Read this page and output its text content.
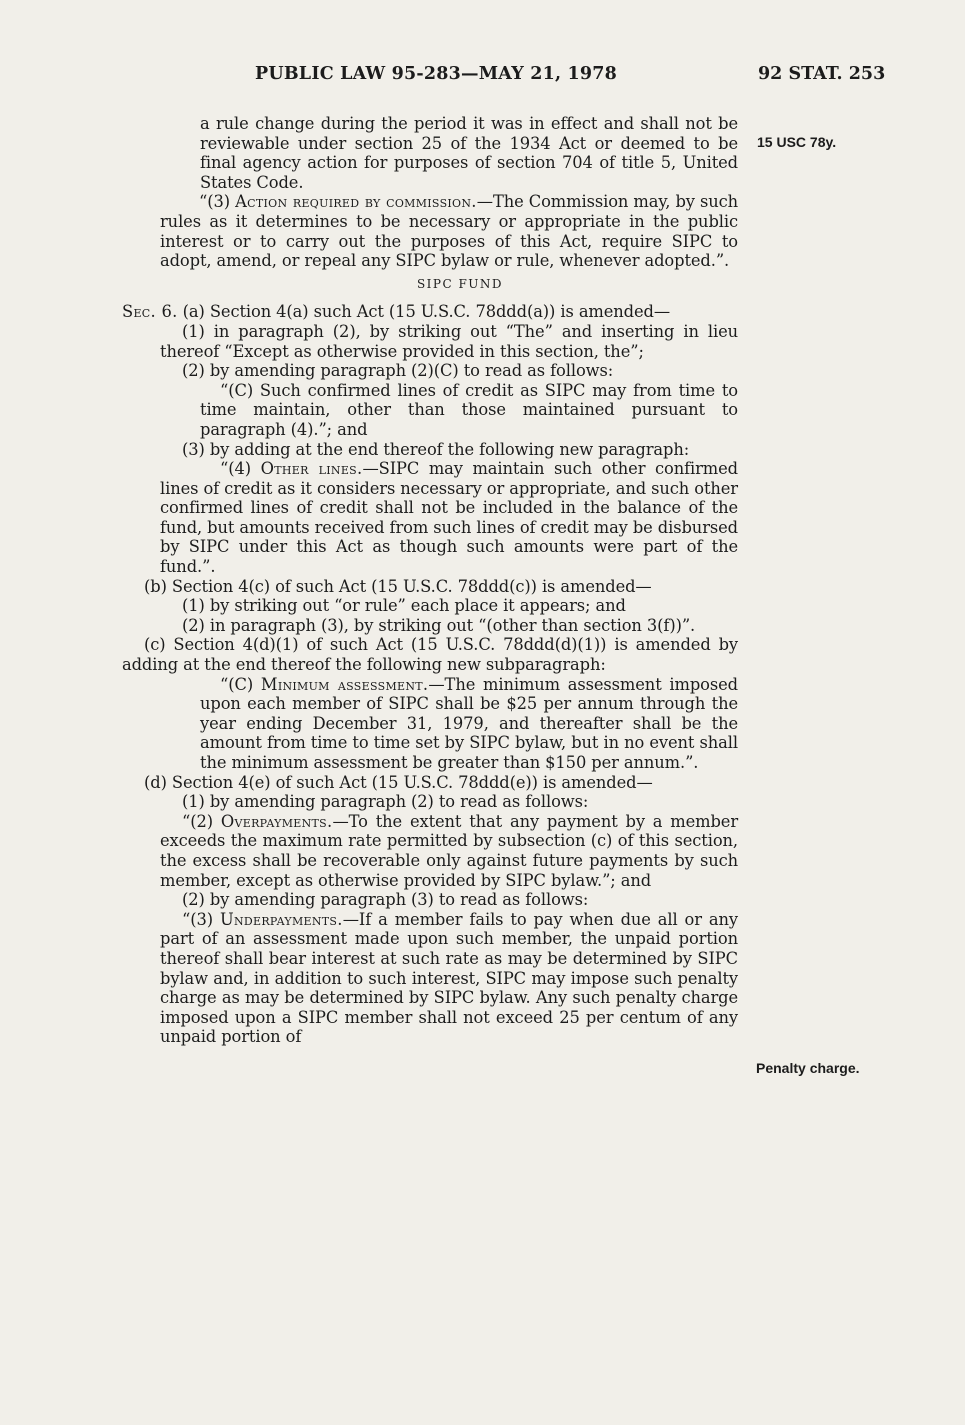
PUBLIC LAW 95-283—MAY 21, 1978	92 STAT. 253
15 USC 78y.
Penalty charge.

a rule change during the period it was in effect and shall not be reviewable under section 25 of the 1934 Act or deemed to be final agency action for purposes of section 704 of title 5, United States Code.

“(3) Action required by commission.—The Commission may, by such rules as it determines to be necessary or appropriate in the public interest or to carry out the purposes of this Act, require SIPC to adopt, amend, or repeal any SIPC bylaw or rule, whenever adopted.”.

SIPC FUND

Sec. 6. (a) Section 4(a) such Act (15 U.S.C. 78ddd(a)) is amended—

(1) in paragraph (2), by striking out “The” and inserting in lieu thereof “Except as otherwise provided in this section, the”;

(2) by amending paragraph (2)(C) to read as follows:

“(C) Such confirmed lines of credit as SIPC may from time to time maintain, other than those maintained pursuant to paragraph (4).”; and

(3) by adding at the end thereof the following new paragraph:

“(4) Other lines.—SIPC may maintain such other confirmed lines of credit as it considers necessary or appropriate, and such other confirmed lines of credit shall not be included in the balance of the fund, but amounts received from such lines of credit may be disbursed by SIPC under this Act as though such amounts were part of the fund.”.

(b) Section 4(c) of such Act (15 U.S.C. 78ddd(c)) is amended—

(1) by striking out “or rule” each place it appears; and

(2) in paragraph (3), by striking out “(other than section 3(f))”.

(c) Section 4(d)(1) of such Act (15 U.S.C. 78ddd(d)(1)) is amended by adding at the end thereof the following new subparagraph:

“(C) Minimum assessment.—The minimum assessment imposed upon each member of SIPC shall be $25 per annum through the year ending December 31, 1979, and thereafter shall be the amount from time to time set by SIPC bylaw, but in no event shall the minimum assessment be greater than $150 per annum.”.

(d) Section 4(e) of such Act (15 U.S.C. 78ddd(e)) is amended—

(1) by amending paragraph (2) to read as follows:

“(2) Overpayments.—To the extent that any payment by a member exceeds the maximum rate permitted by subsection (c) of this section, the excess shall be recoverable only against future payments by such member, except as otherwise provided by SIPC bylaw.”; and

(2) by amending paragraph (3) to read as follows:

“(3) Underpayments.—If a member fails to pay when due all or any part of an assessment made upon such member, the unpaid portion thereof shall bear interest at such rate as may be determined by SIPC bylaw and, in addition to such interest, SIPC may impose such penalty charge as may be determined by SIPC bylaw. Any such penalty charge imposed upon a SIPC member shall not exceed 25 per centum of any unpaid portion of
